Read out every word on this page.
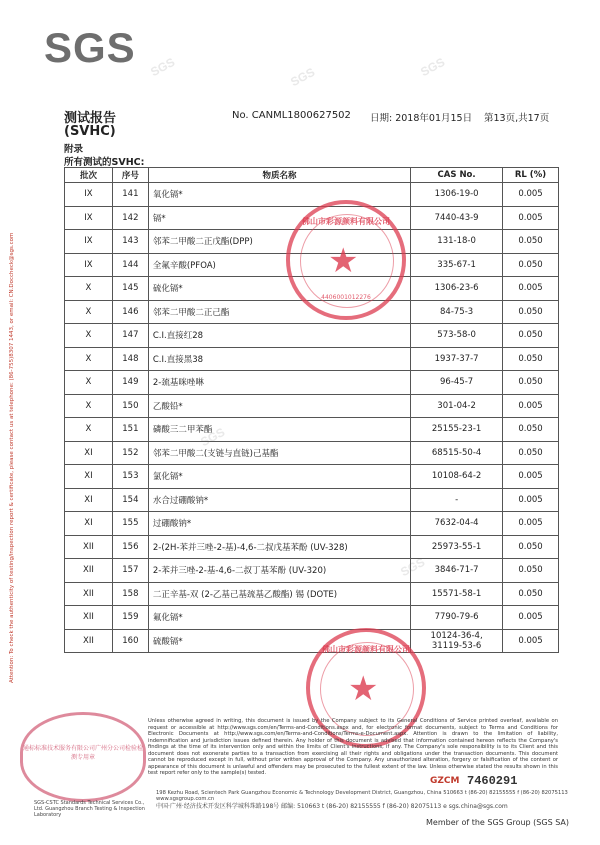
SGS SGS	SGS	SGS
SGS
SGS
Attention: To check the authenticity of testing/inspection report & certificate, please contact us at telephone: (86-755)8307 1443, or email: CN.Doccheck@sgs.com
测试报告
(SVHC)
No. CANML1800627502 日期: 2018年01月15日 第13页,共17页
附录
所有测试的SVHC:
批次	序号	物质名称	CAS No.	RL (%)
IX	141	氧化镉*	1306-19-0	0.005
IX	142	镉*	7440-43-9	0.005
IX	143	邻苯二甲酸二正戊酯(DPP)	131-18-0	0.050
IX	144	全氟辛酸(PFOA)	335-67-1	0.050
X	145	硫化镉*	1306-23-6	0.005
X	146	邻苯二甲酸二正己酯	84-75-3	0.050
X	147	C.I.直接红28	573-58-0	0.050
X	148	C.I.直接黑38	1937-37-7	0.050
X	149	2-巯基咪唑啉	96-45-7	0.050
X	150	乙酸铅*	301-04-2	0.005
X	151	磷酸三二甲苯酯	25155-23-1	0.050
XI	152	邻苯二甲酸二(支链与直链)己基酯	68515-50-4	0.050
XI	153	氯化镉*	10108-64-2	0.005
XI	154	水合过硼酸钠*	-	0.005
XI	155	过硼酸钠*	7632-04-4	0.005
XII	156	2-(2H-苯并三唑-2-基)-4,6-二叔戊基苯酚 (UV-328)	25973-55-1	0.050
XII	157	2-苯并三唑-2-基-4,6-二叔丁基苯酚 (UV-320)	3846-71-7	0.050
XII	158	二正辛基-双 (2-乙基己基巯基乙酸酯) 锡 (DOTE)	15571-58-1	0.050
XII	159	氟化镉*	7790-79-6	0.005
XII	160	硫酸镉*	10124-36-4,
31119-53-6	0.005
佛山市彩源颜料有限公司
★
4406001012276
佛山市彩源颜料有限公司
★
通标标准技术服务有限公司广州分公司检验检测专用章
Unless otherwise agreed in writing, this document is issued by the Company subject to its General Conditions of Service printed overleaf, available on request or accessible at http://www.sgs.com/en/Terms-and-Conditions.aspx and, for electronic format documents, subject to Terms and Conditions for Electronic Documents at http://www.sgs.com/en/Terms-and-Conditions/Terms-e-Document.aspx. Attention is drawn to the limitation of liability, indemnification and jurisdiction issues defined therein. Any holder of this document is advised that information contained hereon reflects the Company's findings at the time of its intervention only and within the limits of Client's instructions, if any. The Company's sole responsibility is to its Client and this document does not exonerate parties to a transaction from exercising all their rights and obligations under the transaction documents. This document cannot be reproduced except in full, without prior written approval of the Company. Any unauthorized alteration, forgery or falsification of the content or appearance of this document is unlawful and offenders may be prosecuted to the fullest extent of the law. Unless otherwise stated the results shown in this test report refer only to the sample(s) tested.
SGS-CSTC Standards Technical Services Co., Ltd. Guangzhou Branch Testing & Inspection Laboratory
198 Kezhu Road, Scientech Park Guangzhou Economic & Technology Development District, Guangzhou, China 510663 t (86-20) 82155555 f (86-20) 82075113 www.sgsgroup.com.cn
中国·广州·经济技术开发区科学城科珠路198号 邮编: 510663 t (86-20) 82155555 f (86-20) 82075113 e sgs.china@sgs.com
GZCM 7460291
Member of the SGS Group (SGS SA)
